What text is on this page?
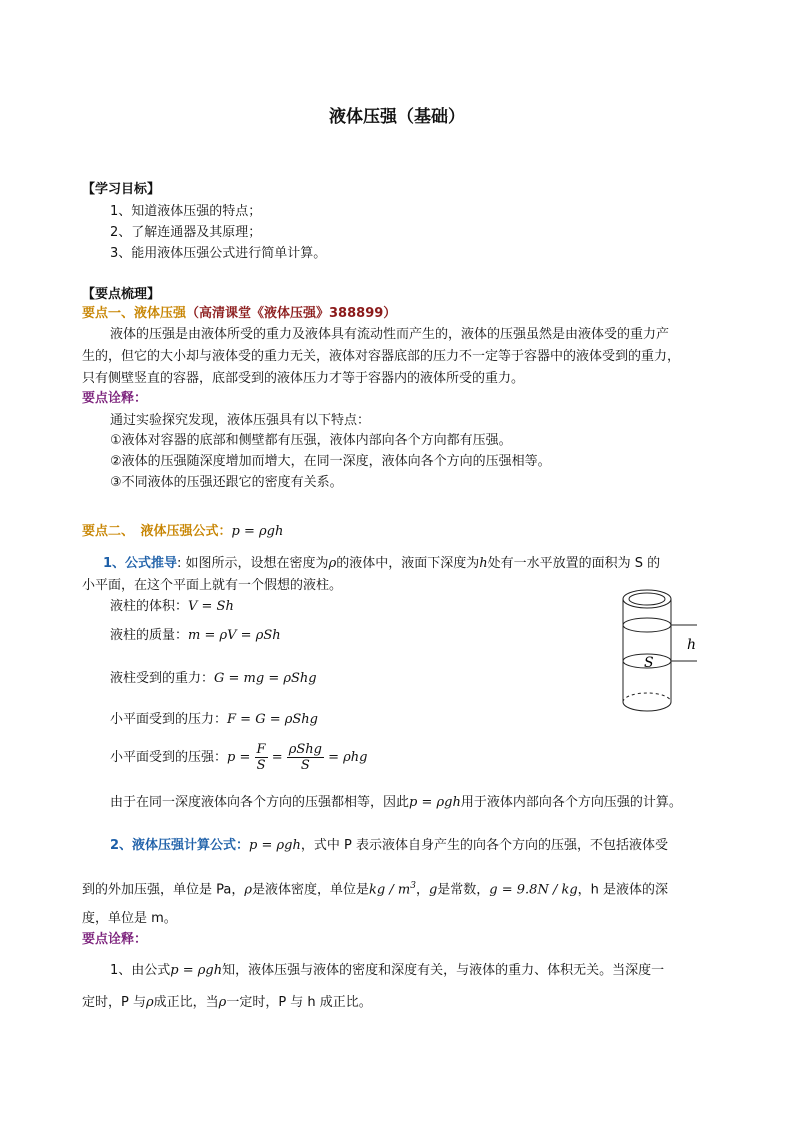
液体压强（基础）
【学习目标】
1、知道液体压强的特点；
2、了解连通器及其原理；
3、能用液体压强公式进行简单计算。
【要点梳理】
要点一、液体压强（高清课堂《液体压强》388899）
液体的压强是由液体所受的重力及液体具有流动性而产生的，液体的压强虽然是由液体受的重力产
生的，但它的大小却与液体受的重力无关，液体对容器底部的压力不一定等于容器中的液体受到的重力，
只有侧壁竖直的容器，底部受到的液体压力才等于容器内的液体所受的重力。
要点诠释：
通过实验探究发现，液体压强具有以下特点：
①液体对容器的底部和侧壁都有压强，液体内部向各个方向都有压强。
②液体的压强随深度增加而增大，在同一深度，液体向各个方向的压强相等。
③不同液体的压强还跟它的密度有关系。
要点二、　液体压强公式：p = ρgh
1、公式推导: 如图所示，设想在密度为ρ的液体中，液面下深度为h处有一水平放置的面积为 S 的
小平面，在这个平面上就有一个假想的液柱。
液柱的体积：V = Sh
液柱的质量：m = ρV = ρSh
液柱受到的重力：G = mg = ρShg
小平面受到的压力：F = G = ρShg
小平面受到的压强：$p = \frac{F}{S} = \frac{\text{ρShg}}{S} = \rho hg$
由于在同一深度液体向各个方向的压强都相等，因此p = ρgh用于液体内部向各个方向压强的计算。
S
h
2、液体压强计算公式：p = ρgh，式中 P 表示液体自身产生的向各个方向的压强，不包括液体受
到的外加压强，单位是 Pa，ρ是液体密度，单位是kg / $m^3$，g是常数，g = 9.8N / kg，h 是液体的深
度，单位是 m。
要点诠释：
1、由公式p = ρgh知，液体压强与液体的密度和深度有关，与液体的重力、体积无关。当深度一
定时，P 与ρ成正比，当ρ一定时，P 与 h 成正比。
